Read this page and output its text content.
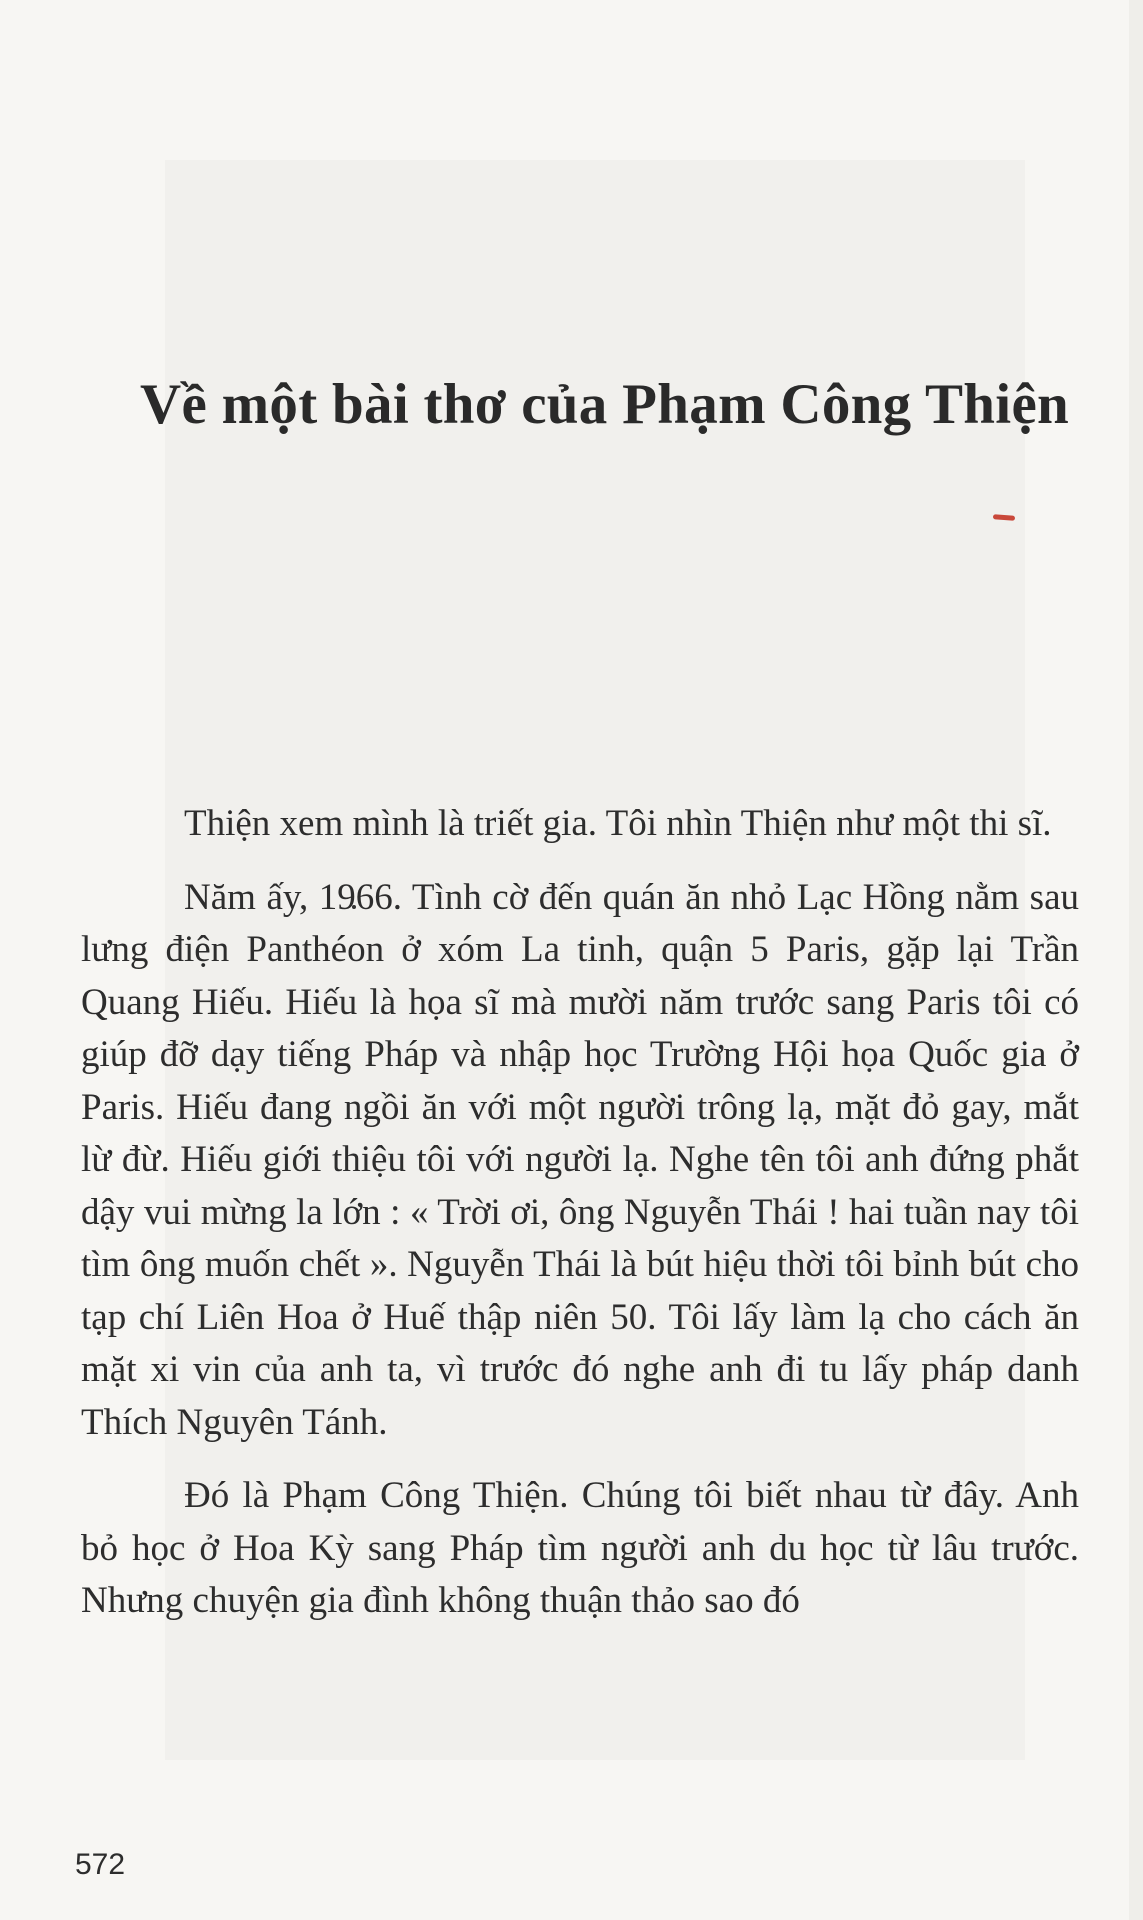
Về một bài thơ của Phạm Công Thiện

Thiện xem mình là triết gia. Tôi nhìn Thiện như một thi sĩ.

Năm ấy, 1966. Tình cờ đến quán ăn nhỏ Lạc Hồng nằm sau lưng điện Panthéon ở xóm La tinh, quận 5 Paris, gặp lại Trần Quang Hiếu. Hiếu là họa sĩ mà mười năm trước sang Paris tôi có giúp đỡ dạy tiếng Pháp và nhập học Trường Hội họa Quốc gia ở Paris. Hiếu đang ngồi ăn với một người trông lạ, mặt đỏ gay, mắt lừ đừ. Hiếu giới thiệu tôi với người lạ. Nghe tên tôi anh đứng phắt dậy vui mừng la lớn : « Trời ơi, ông Nguyễn Thái ! hai tuần nay tôi tìm ông muốn chết ». Nguyễn Thái là bút hiệu thời tôi bỉnh bút cho tạp chí Liên Hoa ở Huế thập niên 50. Tôi lấy làm lạ cho cách ăn mặt xi vin của anh ta, vì trước đó nghe anh đi tu lấy pháp danh Thích Nguyên Tánh.

Đó là Phạm Công Thiện. Chúng tôi biết nhau từ đây. Anh bỏ học ở Hoa Kỳ sang Pháp tìm người anh du học từ lâu trước. Nhưng chuyện gia đình không thuận thảo sao đó

572
